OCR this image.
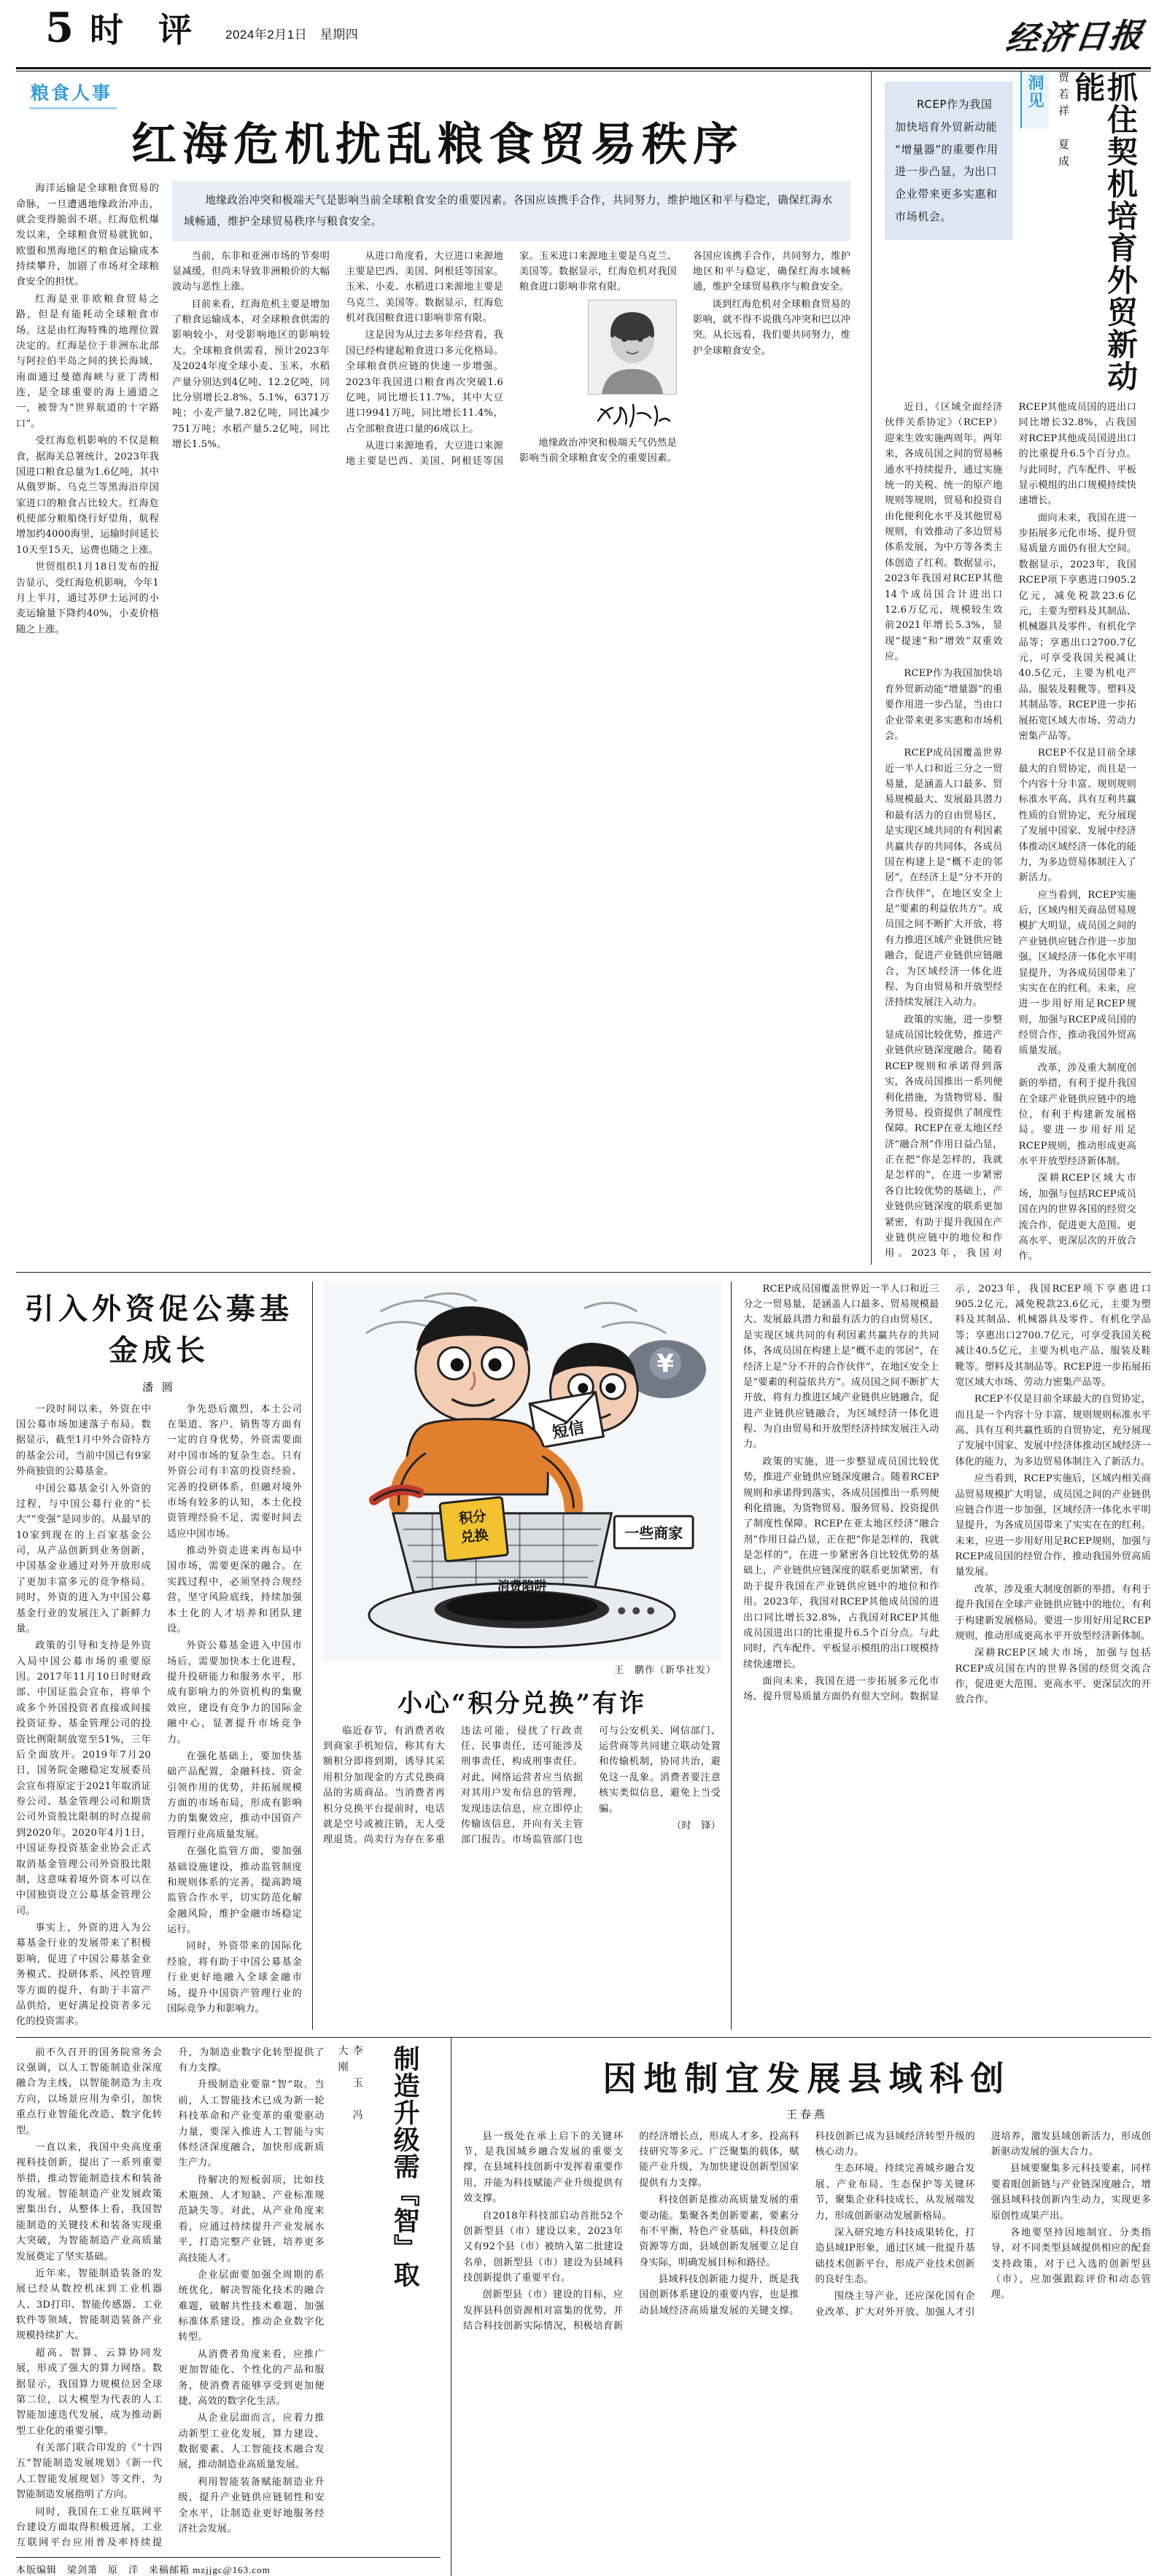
5 时 评 2024年2月1日　星期四	经济日报
粮食人事
红海危机扰乱粮食贸易秩序

海洋运输是全球粮食贸易的命脉，一旦遭遇地缘政治冲击，就会变得脆弱不堪。红海危机爆发以来，全球粮食贸易就犹如，欧盟和黑海地区的粮食运输成本持续攀升，加剧了市场对全球粮食安全的担忧。

红海是亚非欧粮食贸易之路，但是有能耗动全球粮食市场。这是由红海特殊的地理位置决定的。红海是位于非洲东北部与阿拉伯半岛之间的狭长海域，南面通过曼德海峡与亚丁湾相连，是全球重要的海上通道之一，被誉为“世界航道的十字路口”。

受红海危机影响的不仅是粮食，据海关总署统计，2023年我国进口粮食总量为1.6亿吨，其中从俄罗斯、乌克兰等黑海沿岸国家进口的粮食占比较大。红海危机使部分粮船绕行好望角，航程增加约4000海里，运输时间延长10天至15天，运费也随之上涨。

世贸组织1月18日发布的报告显示，受红海危机影响，今年1月上半月，通过苏伊士运河的小麦运输量下降约40%，小麦价格随之上涨。

地缘政治冲突和极端天气是影响当前全球粮食安全的重要因素。各国应该携手合作，共同努力，维护地区和平与稳定，确保红海水域畅通，维护全球贸易秩序与粮食安全。

当前，东非和亚洲市场的节奏明显减缓，但尚未导致非洲粮价的大幅波动与恶性上涨。

目前来看，红海危机主要是增加了粮食运输成本，对全球粮食供需的影响较小，对受影响地区的影响较大。全球粮食供需看，预计2023年及2024年度全球小麦、玉米、水稻产量分别达到4亿吨、12.2亿吨，同比分别增长2.8%、5.1%，6371万吨；小麦产量7.82亿吨，同比减少751万吨；水稻产量5.2亿吨，同比增长1.5%。

从进口角度看，大豆进口来源地主要是巴西、美国、阿根廷等国家。玉米、小麦、水稻进口来源地主要是乌克兰、美国等。数据显示，红海危机对我国粮食进口影响非常有限。

这是因为从过去多年经营看，我国已经构建起粮食进口多元化格局。全球粮食供应链的快速一步增强。2023年我国进口粮食再次突破1.6亿吨，同比增长11.7%，其中大豆进口9941万吨，同比增长11.4%，占全部粮食进口量的6成以上。

从进口来源地看，大豆进口来源地主要是巴西、美国、阿根廷等国家。玉米进口来源地主要是乌克兰、美国等。数据显示，红海危机对我国粮食进口影响非常有限。

地缘政治冲突和极端天气仍然是影响当前全球粮食安全的重要因素。各国应该携手合作，共同努力，维护地区和平与稳定，确保红海水域畅通，维护全球贸易秩序与粮食安全。

谈到红海危机对全球粮食贸易的影响，就不得不说俄乌冲突和巴以冲突。从长远看，我们要共同努力，维护全球粮食安全。

RCEP作为我国加快培育外贸新动能“增量器”的重要作用进一步凸显，为出口企业带来更多实惠和市场机会。

洞见	贾若祥　夏成	抓住契机培育外贸新动能

近日，《区域全面经济伙伴关系协定》（RCEP）迎来生效实施两周年。两年来，各成员国之间的贸易畅通水平持续提升，通过实施统一的关税、统一的原产地规则等规则，贸易和投资自由化便利化水平及其他贸易规则，有效推动了多边贸易体系发展，为中方等各类主体创造了红利。数据显示，2023年我国对RCEP其他14个成员国合计进出口12.6万亿元，规模较生效前2021年增长5.3%，显现“提速”和“增效”双重效应。

RCEP作为我国加快培育外贸新动能“增量器”的重要作用进一步凸显，当由口企业带来更多实惠和市场机会。

RCEP成员国覆盖世界近一半人口和近三分之一贸易量，是涵盖人口最多、贸易规模最大、发展最具潜力和最有活力的自由贸易区，是实现区域共同的有利因素共赢共存的共同体，各成员国在构建上是“概不走的邻居”，在经济上是“分不开的合作伙伴”，在地区安全上是“要素的利益依共方”。成员国之间不断扩大开放，将有力推进区域产业链供应链融合，促进产业链供应链融合，为区域经济一体化进程、为自由贸易和开放型经济持续发展注入动力。

政策的实施，进一步整显成员国比较优势，推进产业链供应链深度融合。随着RCEP规则和承诺得到落实，各成员国推出一系列便利化措施，为货物贸易、服务贸易、投资提供了制度性保障。RCEP在亚太地区经济“融合剂”作用日益凸显，正在把“你是怎样的，我就是怎样的”，在进一步紧密各自比较优势的基础上，产业链供应链深度的联系更加紧密，有助于提升我国在产业链供应链中的地位和作用。2023年，我国对RCEP其他成员国的进出口同比增长32.8%，占我国对RCEP其他成员国进出口的比重提升6.5个百分点。与此同时，汽车配件、平板显示模组的出口规模持续快速增长。

面向未来，我国在进一步拓展多元化市场、提升贸易质量方面仍有很大空间。数据显示，2023年，我国RCEP项下享惠进口905.2亿元，减免税款23.6亿元，主要为塑料及其制品、机械器具及零件、有机化学品等；享惠出口2700.7亿元，可享受我国关税减让40.5亿元，主要为机电产品、服装及鞋靴等。塑料及其制品等。RCEP进一步拓展拓宽区域大市场、劳动力密集产品等。

RCEP不仅是目前全球最大的自贸协定，而且是一个内容十分丰富、规则规则标准水平高、具有互利共赢性质的自贸协定，充分展现了发展中国家、发展中经济体推动区域经济一体化的能力，为多边贸易体制注入了新活力。

应当看到，RCEP实施后，区域内相关商品贸易规模扩大明显，成员国之间的产业链供应链合作进一步加强，区域经济一体化水平明显提升，为各成员国带来了实实在在的红利。未来，应进一步用好用足RCEP规则，加强与RCEP成员国的经贸合作，推动我国外贸高质量发展。

改革，涉及重大制度创新的举措，有利于提升我国在全球产业链供应链中的地位，有利于构建新发展格局。要进一步用好用足RCEP规则，推动形成更高水平开放型经济新体制。

深耕RCEP区域大市场，加强与包括RCEP成员国在内的世界各国的经贸交流合作，促进更大范围、更高水平、更深层次的开放合作。

引入外资促公募基金成长
潘 圆

一段时间以来，外资在中国公募市场加速落子布局。数据显示，截至1月中外合资特方的基金公司，当前中国已有9家外商独资的公募基金。

中国公募基金引入外资的过程，与中国公募行业的“长大”“变强”是同步的。从最早的10家到现在的上百家基金公司，从产品创新到业务创新，中国基金业通过对外开放形成了更加丰富多元的竞争格局。同时，外资的进入为中国公募基金行业的发展注入了新鲜力量。

政策的引导和支持是外资入局中国公募市场的重要原因。2017年11月10日时财政部、中国证监会宣布，将单个或多个外国投资者直接或间接投资证券、基金管理公司的投资比例限制放宽至51%，三年后全面放开。2019年7月20日，国务院金融稳定发展委员会宣布将原定于2021年取消证券公司、基金管理公司和期货公司外资股比限制的时点提前到2020年。2020年4月1日，中国证券投资基金业协会正式取消基金管理公司外资股比限制，这意味着境外资本可以在中国独资设立公募基金管理公司。

事实上，外资的进入为公募基金行业的发展带来了积极影响，促进了中国公募基金业务模式、投研体系、风控管理等方面的提升，有助于丰富产品供给，更好满足投资者多元化的投资需求。

争先恐后激烈，本土公司在渠道、客户、销售等方面有一定的自身优势，外资需要面对中国市场的复杂生态。只有外资公司有丰富的投资经验、完善的投研体系，但融对境外市场有较多的认知，本土化投资管理经验不足，需要时间去适应中国市场。

推动外资走进来再布局中国市场，需要更深的融合。在实践过程中，必须坚持合规经营，坚守风险底线，持续加强本土化的人才培养和团队建设。

外资公募基金进入中国市场后，需要加快本土化进程，提升投研能力和服务水平，形成有影响力的外资机构的集聚效应，建设有竞争力的国际金融中心，显著提升市场竞争力。

在强化基础上，要加快基础产品配置，金融科技、资金引领作用的优势，并拓展规模方面的市场布局，形成有影响力的集聚效应，推动中国资产管理行业高质量发展。

在强化监管方面，要加强基础设施建设，推动监管制度和规则体系的完善，提高跨境监管合作水平，切实防范化解金融风险，维护金融市场稳定运行。

同时，外资带来的国际化经验，将有助于中国公募基金行业更好地融入全球金融市场，提升中国资产管理行业的国际竞争力和影响力。

¥
短信
积分
兑换	一些商家
消费陷阱
王　鹏作（新华社发）
小心“积分兑换”有诈

临近春节，有消费者收到商家手机短信，称其有大额积分即将到期，诱导其采用积分加现金的方式兑换商品的劣质商品。当消费者再积分兑换平台提前时，电话就是空号或被注销，无人受理退货。尚卖行为存在多重违法可能，侵扰了行政责任、民事责任，还可能涉及刑事责任，构成刑事责任。对此，网络运营者应当依据对其用户发布信息的管理，发现违法信息，应立即停止传输该信息，并向有关主管部门报告。市场监管部门也可与公安机关、网信部门、运营商等共同建立联动处置和传输机制，协同共治，避免这一乱象。消费者要注意核实类似信息，避免上当受骗。

（时　锋）

RCEP成员国覆盖世界近一半人口和近三分之一贸易量，是涵盖人口最多、贸易规模最大、发展最具潜力和最有活力的自由贸易区，是实现区域共同的有利因素共赢共存的共同体，各成员国在构建上是“概不走的邻居”，在经济上是“分不开的合作伙伴”，在地区安全上是“要素的利益依共方”。成员国之间不断扩大开放，将有力推进区域产业链供应链融合，促进产业链供应链融合，为区域经济一体化进程、为自由贸易和开放型经济持续发展注入动力。

政策的实施，进一步整显成员国比较优势，推进产业链供应链深度融合。随着RCEP规则和承诺得到落实，各成员国推出一系列便利化措施，为货物贸易、服务贸易、投资提供了制度性保障。RCEP在亚太地区经济“融合剂”作用日益凸显，正在把“你是怎样的，我就是怎样的”，在进一步紧密各自比较优势的基础上，产业链供应链深度的联系更加紧密，有助于提升我国在产业链供应链中的地位和作用。2023年，我国对RCEP其他成员国的进出口同比增长32.8%，占我国对RCEP其他成员国进出口的比重提升6.5个百分点。与此同时，汽车配件、平板显示模组的出口规模持续快速增长。

面向未来，我国在进一步拓展多元化市场、提升贸易质量方面仍有很大空间。数据显示，2023年，我国RCEP项下享惠进口905.2亿元，减免税款23.6亿元，主要为塑料及其制品、机械器具及零件、有机化学品等；享惠出口2700.7亿元，可享受我国关税减让40.5亿元，主要为机电产品、服装及鞋靴等。塑料及其制品等。RCEP进一步拓展拓宽区域大市场、劳动力密集产品等。

RCEP不仅是目前全球最大的自贸协定，而且是一个内容十分丰富、规则规则标准水平高、具有互利共赢性质的自贸协定，充分展现了发展中国家、发展中经济体推动区域经济一体化的能力，为多边贸易体制注入了新活力。

应当看到，RCEP实施后，区域内相关商品贸易规模扩大明显，成员国之间的产业链供应链合作进一步加强，区域经济一体化水平明显提升，为各成员国带来了实实在在的红利。未来，应进一步用好用足RCEP规则，加强与RCEP成员国的经贸合作，推动我国外贸高质量发展。

改革，涉及重大制度创新的举措，有利于提升我国在全球产业链供应链中的地位，有利于构建新发展格局。要进一步用好用足RCEP规则，推动形成更高水平开放型经济新体制。

深耕RCEP区域大市场，加强与包括RCEP成员国在内的世界各国的经贸交流合作，促进更大范围、更高水平、更深层次的开放合作。

前不久召开的国务院常务会议强调，以人工智能制造业深度融合为主线，以智能制造为主攻方向，以场景应用为牵引，加快重点行业智能化改造、数字化转型。

一直以来，我国中央高度重视科技创新，提出了一系列重要举措，推动智能制造技术和装备的发展。智能制造产业发展政策密集出台，从整体上看，我国智能制造的关键技术和装备实现重大突破，为智能制造产业高质量发展奠定了坚实基础。

近年来，智能制造装备的发展已经从数控机床到工业机器人、3D打印、智能传感器、工业软件等领域，智能制造装备产业规模持续扩大。

超高、智算、云算协同发展，形成了强大的算力网络。数据显示，我国算力规模位居全球第二位，以大模型为代表的人工智能加速迭代发展，成为推动新型工业化的重要引擎。

有关部门联合印发的《“十四五”智能制造发展规划》《新一代人工智能发展规划》等文件，为智能制造发展指明了方向。

同时，我国在工业互联网平台建设方面取得积极进展，工业互联网平台应用普及率持续提升，为制造业数字化转型提供了有力支撑。

升级制造业要靠“智”取。当前，人工智能技术已成为新一轮科技革命和产业变革的重要驱动力量，要深入推进人工智能与实体经济深度融合，加快形成新质生产力。

待解决的短板弱项，比如技术瓶颈、人才短缺、产业标准规范缺失等。对此，从产业角度来看，应通过持续提升产业发展水平，打造完整产业链，培养更多高技能人才。

企业层面要加强全周期的系统优化，解决智能化技术的融合难题，破解共性技术难题、加强标准体系建设，推动企业数字化转型。

从消费者角度来看，应推广更加智能化、个性化的产品和服务，使消费者能够享受到更加便捷、高效的数字化生活。

从企业层面而言，应着力推动新型工业化发展，算力建设、数据要素、人工智能技术融合发展，推动制造业高质量发展。

利用智能装备赋能制造业升级，提升产业链供应链韧性和安全水平，让制造业更好地服务经济社会发展。

李　玉　冯大刚	制造升级需『智』取
本版编辑　梁剑箫　原　洋　来稿邮箱 mzjjgc@163.com
因地制宜发展县域科创
王春燕

县一级处在承上启下的关键环节，是我国城乡融合发展的重要支撑，在县域科技创新中发挥着重要作用，并能为科技赋能产业升级提供有效支撑。

自2018年科技部启动首批52个创新型县（市）建设以来，2023年又有92个县（市）被纳入第二批建设名单，创新型县（市）建设为县域科技创新提供了重要平台。

创新型县（市）建设的目标，应发挥县科创资源相对富集的优势，并结合科技创新实际情况，积极培育新的经济增长点，形成人才多、投高科技研究等多元、广泛聚集的载体，赋能产业升级，为加快建设创新型国家提供有力支撑。

科技创新是推动高质量发展的重要动能。集聚各类创新要素，要素分布不平衡，特色产业基础，科技创新资源等方面，县域创新发展要立足自身实际，明确发展目标和路径。

县域科技创新能力提升，既是我国创新体系建设的重要内容，也是推动县域经济高质量发展的关键支撑。科技创新已成为县域经济转型升级的核心动力。

生态环境。持续完善城乡融合发展、产业布局、生态保护等关键环节，聚集企业科技成长，从发展端发力，形成创新驱动发展新格局。

深入研究地方科技成果转化，打造县域IP形象，通过区域一批提升基础技术创新平台，形成产业技术创新的良好生态。

围绕主导产业，还应深化国有企业改革、扩大对外开放、加强人才引进培养，激发县域创新活力，形成创新驱动发展的强大合力。

县域要聚集多元科技要素，同样要着眼创新链与产业链深度融合，增强县域科技创新内生动力，实现更多原创性成果产出。

各地要坚持因地制宜、分类指导，对不同类型县域提供相应的配套支持政策，对于已入选的创新型县（市），应加强跟踪评价和动态管理。
